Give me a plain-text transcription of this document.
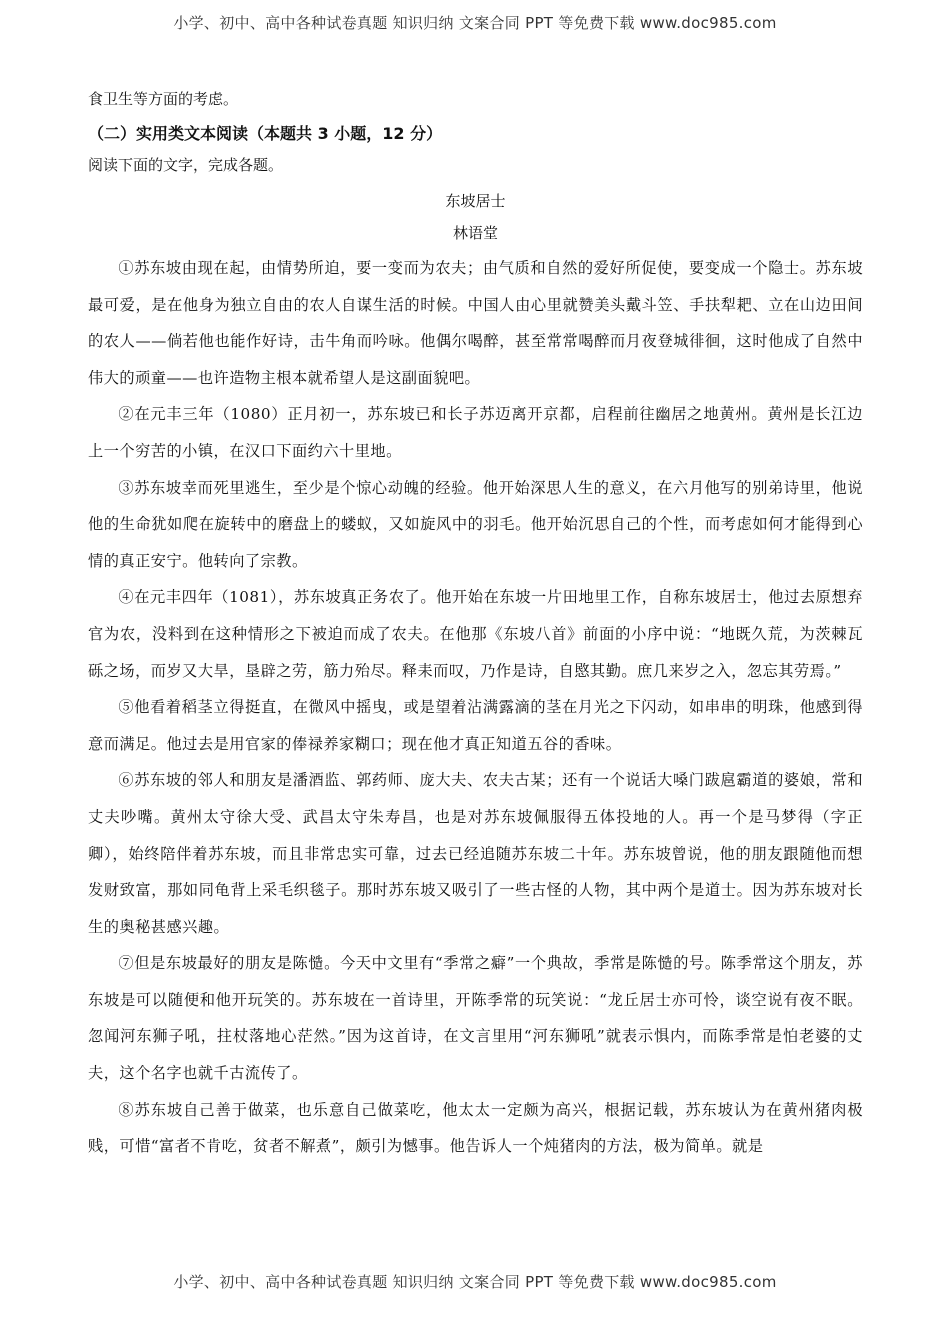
小学、初中、高中各种试卷真题 知识归纳 文案合同 PPT 等免费下载 www.doc985.com

食卫生等方面的考虑。

（二）实用类文本阅读（本题共 3 小题，12 分）

阅读下面的文字，完成各题。

东坡居士

林语堂

①苏东坡由现在起，由情势所迫，要一变而为农夫；由气质和自然的爱好所促使，要变成一个隐士。苏东坡最可爱，是在他身为独立自由的农人自谋生活的时候。中国人由心里就赞美头戴斗笠、手扶犁耙、立在山边田间的农人——倘若他也能作好诗，击牛角而吟咏。他偶尔喝醉，甚至常常喝醉而月夜登城徘徊，这时他成了自然中伟大的顽童——也许造物主根本就希望人是这副面貌吧。

②在元丰三年（1080）正月初一，苏东坡已和长子苏迈离开京都，启程前往幽居之地黄州。黄州是长江边上一个穷苦的小镇，在汉口下面约六十里地。

③苏东坡幸而死里逃生，至少是个惊心动魄的经验。他开始深思人生的意义，在六月他写的别弟诗里，他说他的生命犹如爬在旋转中的磨盘上的蝼蚁，又如旋风中的羽毛。他开始沉思自己的个性，而考虑如何才能得到心情的真正安宁。他转向了宗教。

④在元丰四年（1081），苏东坡真正务农了。他开始在东坡一片田地里工作，自称东坡居士，他过去原想弃官为农，没料到在这种情形之下被迫而成了农夫。在他那《东坡八首》前面的小序中说：“地既久荒，为茨棘瓦砾之场，而岁又大旱，垦辟之劳，筋力殆尽。释耒而叹，乃作是诗，自愍其勤。庶几来岁之入，忽忘其劳焉。”

⑤他看着稻茎立得挺直，在微风中摇曳，或是望着沾满露滴的茎在月光之下闪动，如串串的明珠，他感到得意而满足。他过去是用官家的俸禄养家糊口；现在他才真正知道五谷的香味。

⑥苏东坡的邻人和朋友是潘酒监、郭药师、庞大夫、农夫古某；还有一个说话大嗓门跋扈霸道的婆娘，常和丈夫吵嘴。黄州太守徐大受、武昌太守朱寿昌，也是对苏东坡佩服得五体投地的人。再一个是马梦得（字正卿），始终陪伴着苏东坡，而且非常忠实可靠，过去已经追随苏东坡二十年。苏东坡曾说，他的朋友跟随他而想发财致富，那如同龟背上采毛织毯子。那时苏东坡又吸引了一些古怪的人物，其中两个是道士。因为苏东坡对长生的奥秘甚感兴趣。

⑦但是东坡最好的朋友是陈慥。今天中文里有“季常之癖”一个典故，季常是陈慥的号。陈季常这个朋友，苏东坡是可以随便和他开玩笑的。苏东坡在一首诗里，开陈季常的玩笑说：“龙丘居士亦可怜，谈空说有夜不眠。忽闻河东狮子吼，拄杖落地心茫然。”因为这首诗，在文言里用“河东狮吼”就表示惧内，而陈季常是怕老婆的丈夫，这个名字也就千古流传了。

⑧苏东坡自己善于做菜，也乐意自己做菜吃，他太太一定颇为高兴，根据记载，苏东坡认为在黄州猪肉极贱，可惜“富者不肯吃，贫者不解煮”，颇引为憾事。他告诉人一个炖猪肉的方法，极为简单。就是

小学、初中、高中各种试卷真题 知识归纳 文案合同 PPT 等免费下载 www.doc985.com
